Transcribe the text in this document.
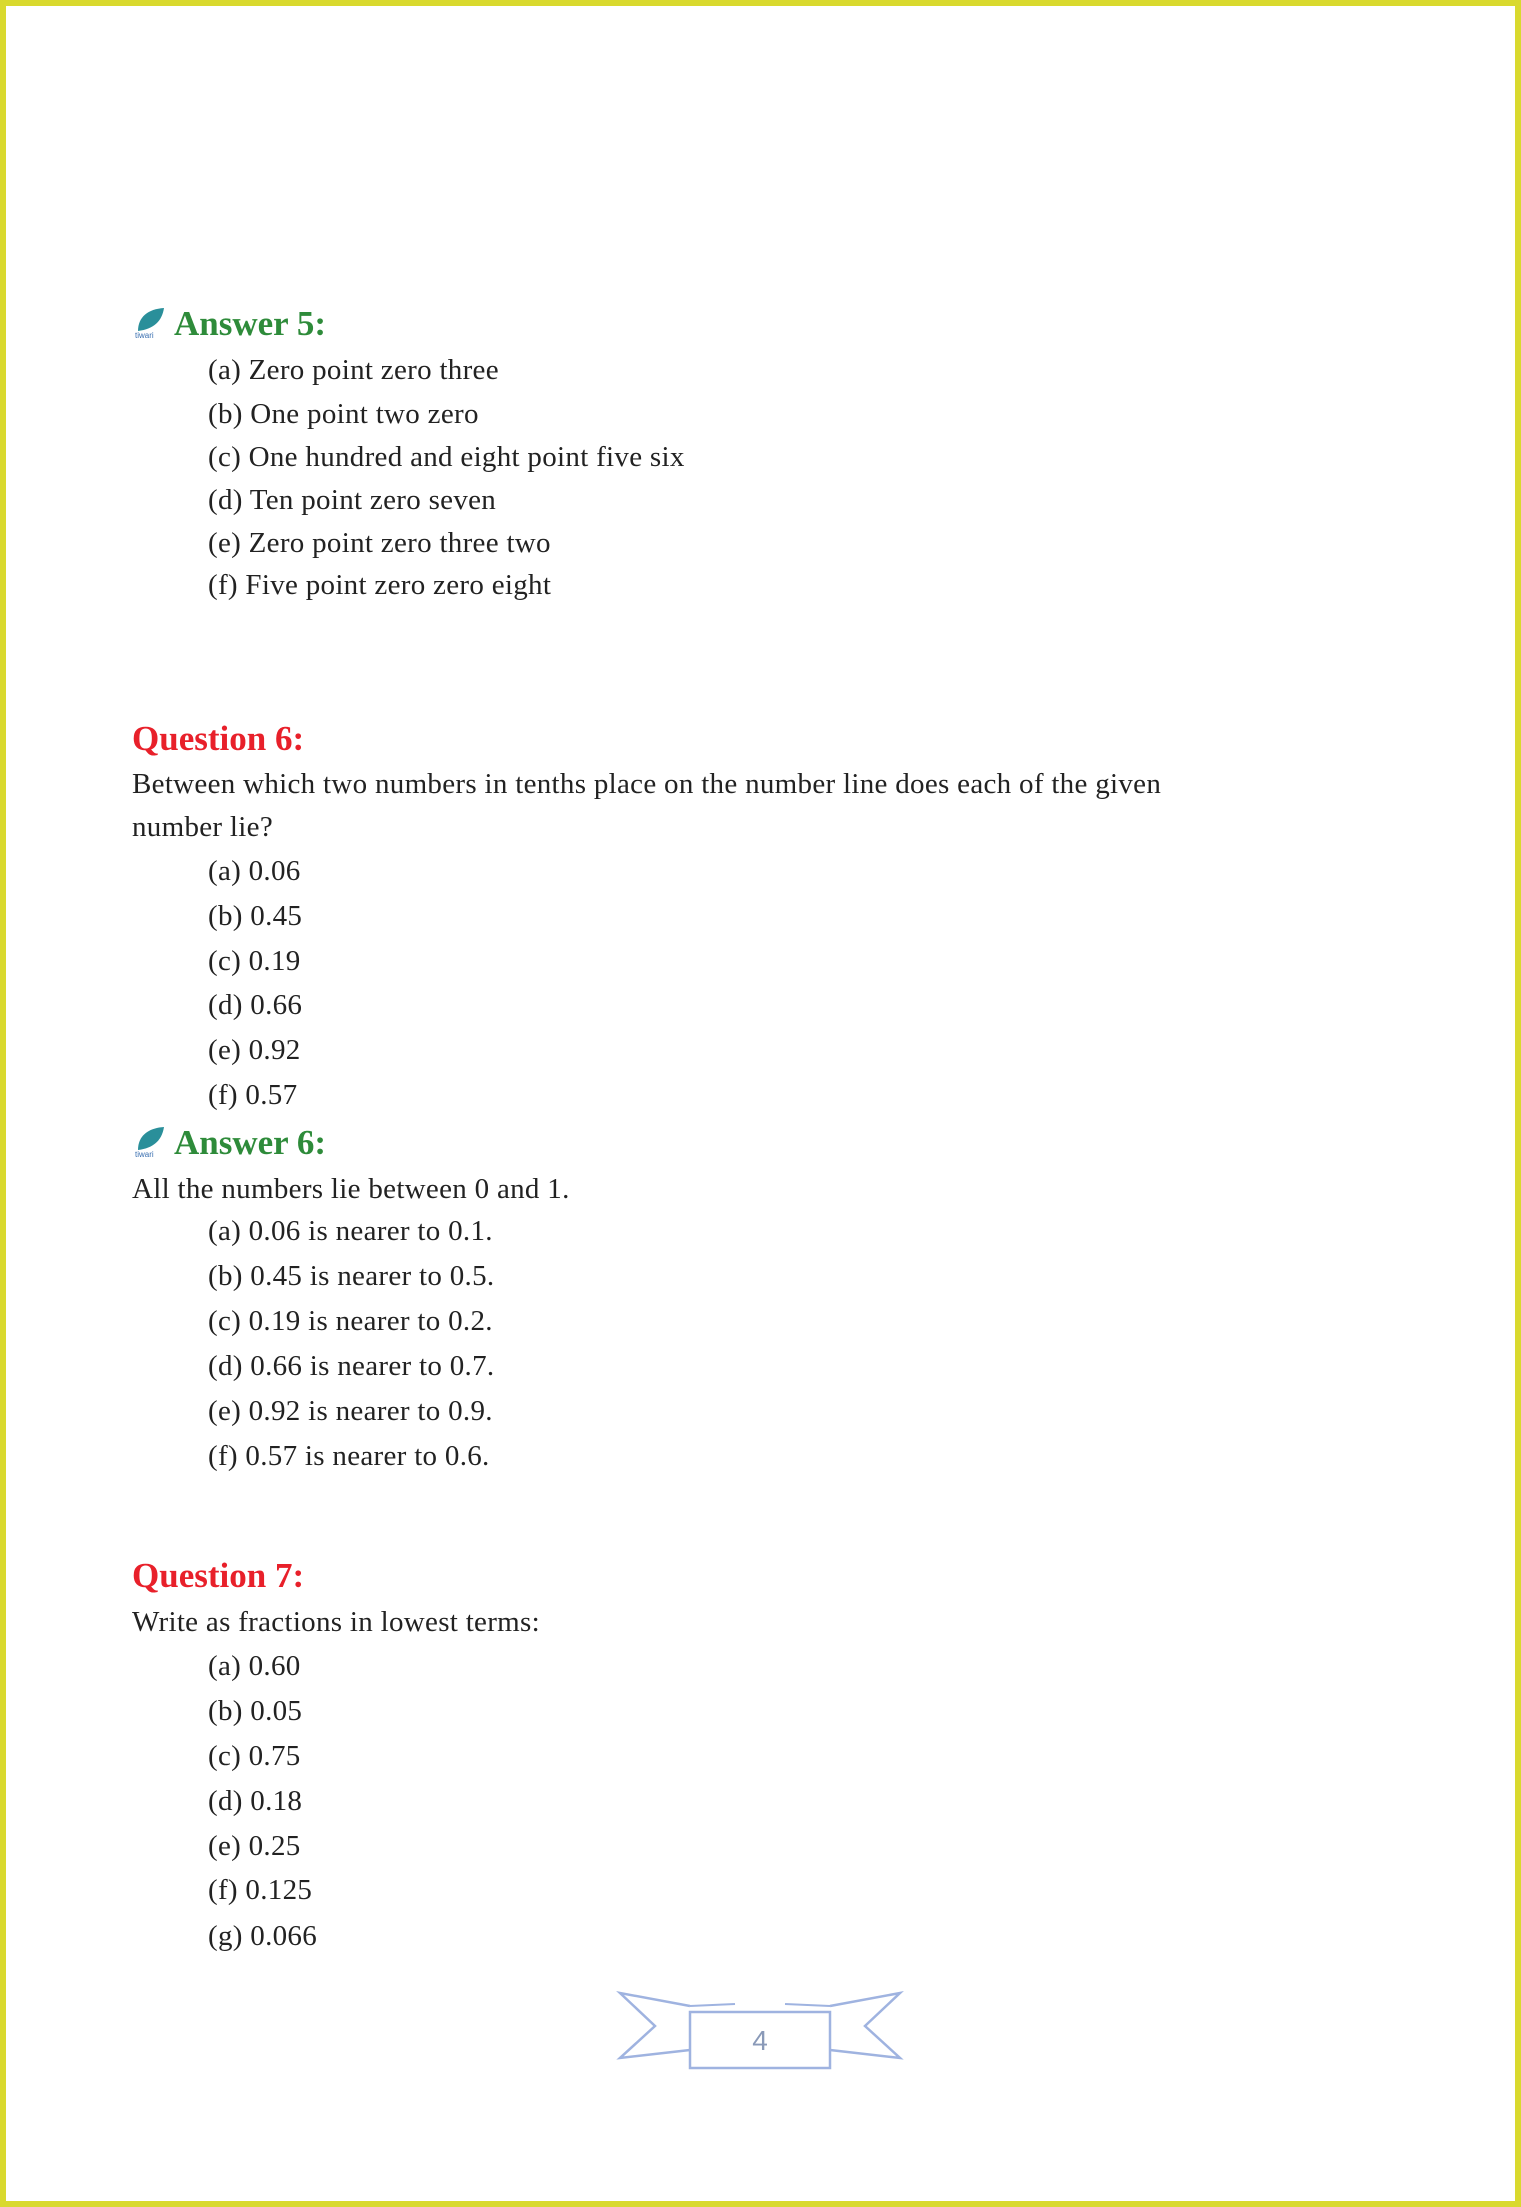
tiwari Answer 5:
(a) Zero point zero three
(b) One point two zero
(c) One hundred and eight point five six
(d) Ten point zero seven
(e) Zero point zero three two
(f) Five point zero zero eight
Question 6:
Between which two numbers in tenths place on the number line does each of the given
number lie?
(a) 0.06
(b) 0.45
(c) 0.19
(d) 0.66
(e) 0.92
(f) 0.57
tiwari Answer 6:
All the numbers lie between 0 and 1.
(a) 0.06 is nearer to 0.1.
(b) 0.45 is nearer to 0.5.
(c) 0.19 is nearer to 0.2.
(d) 0.66 is nearer to 0.7.
(e) 0.92 is nearer to 0.9.
(f) 0.57 is nearer to 0.6.
Question 7:
Write as fractions in lowest terms:
(a) 0.60
(b) 0.05
(c) 0.75
(d) 0.18
(e) 0.25
(f) 0.125
(g) 0.066
4
